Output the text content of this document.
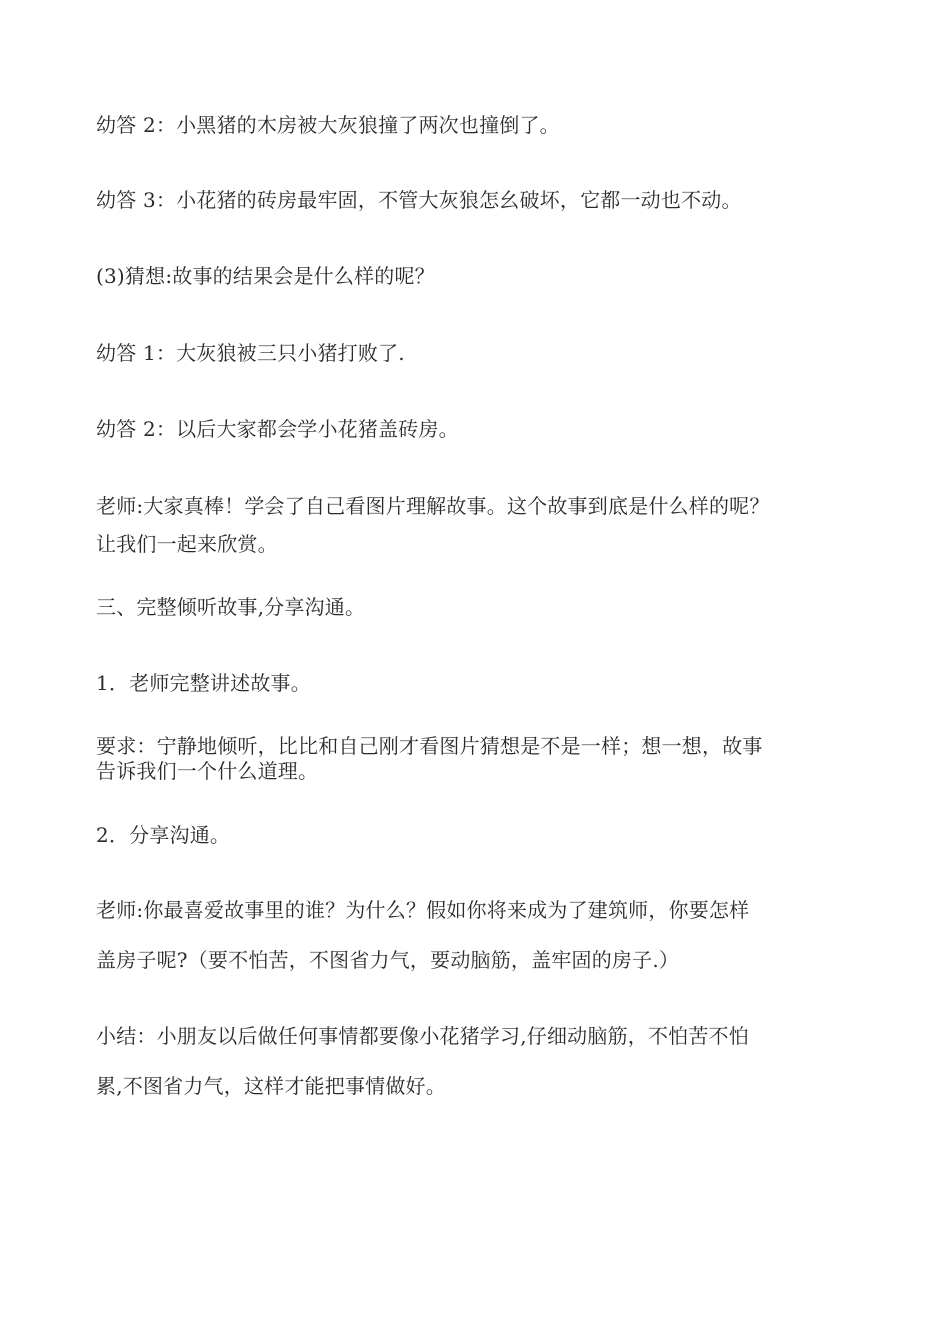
幼答 2：小黑猪的木房被大灰狼撞了两次也撞倒了。

幼答 3：小花猪的砖房最牢固，不管大灰狼怎幺破坏，它都一动也不动。

(3)猜想:故事的结果会是什么样的呢？

幼答 1：大灰狼被三只小猪打败了.

幼答 2：以后大家都会学小花猪盖砖房。

老师:大家真棒！学会了自己看图片理解故事。这个故事到底是什么样的呢？

让我们一起来欣赏。

三、完整倾听故事,分享沟通。

1．老师完整讲述故事。

要求：宁静地倾听，比比和自己刚才看图片猜想是不是一样；想一想，故事

告诉我们一个什么道理。

2．分享沟通。

老师:你最喜爱故事里的谁？为什么？假如你将来成为了建筑师，你要怎样

盖房子呢?（要不怕苦，不图省力气，要动脑筋，盖牢固的房子.）

小结：小朋友以后做任何事情都要像小花猪学习,仔细动脑筋，不怕苦不怕

累,不图省力气，这样才能把事情做好。
